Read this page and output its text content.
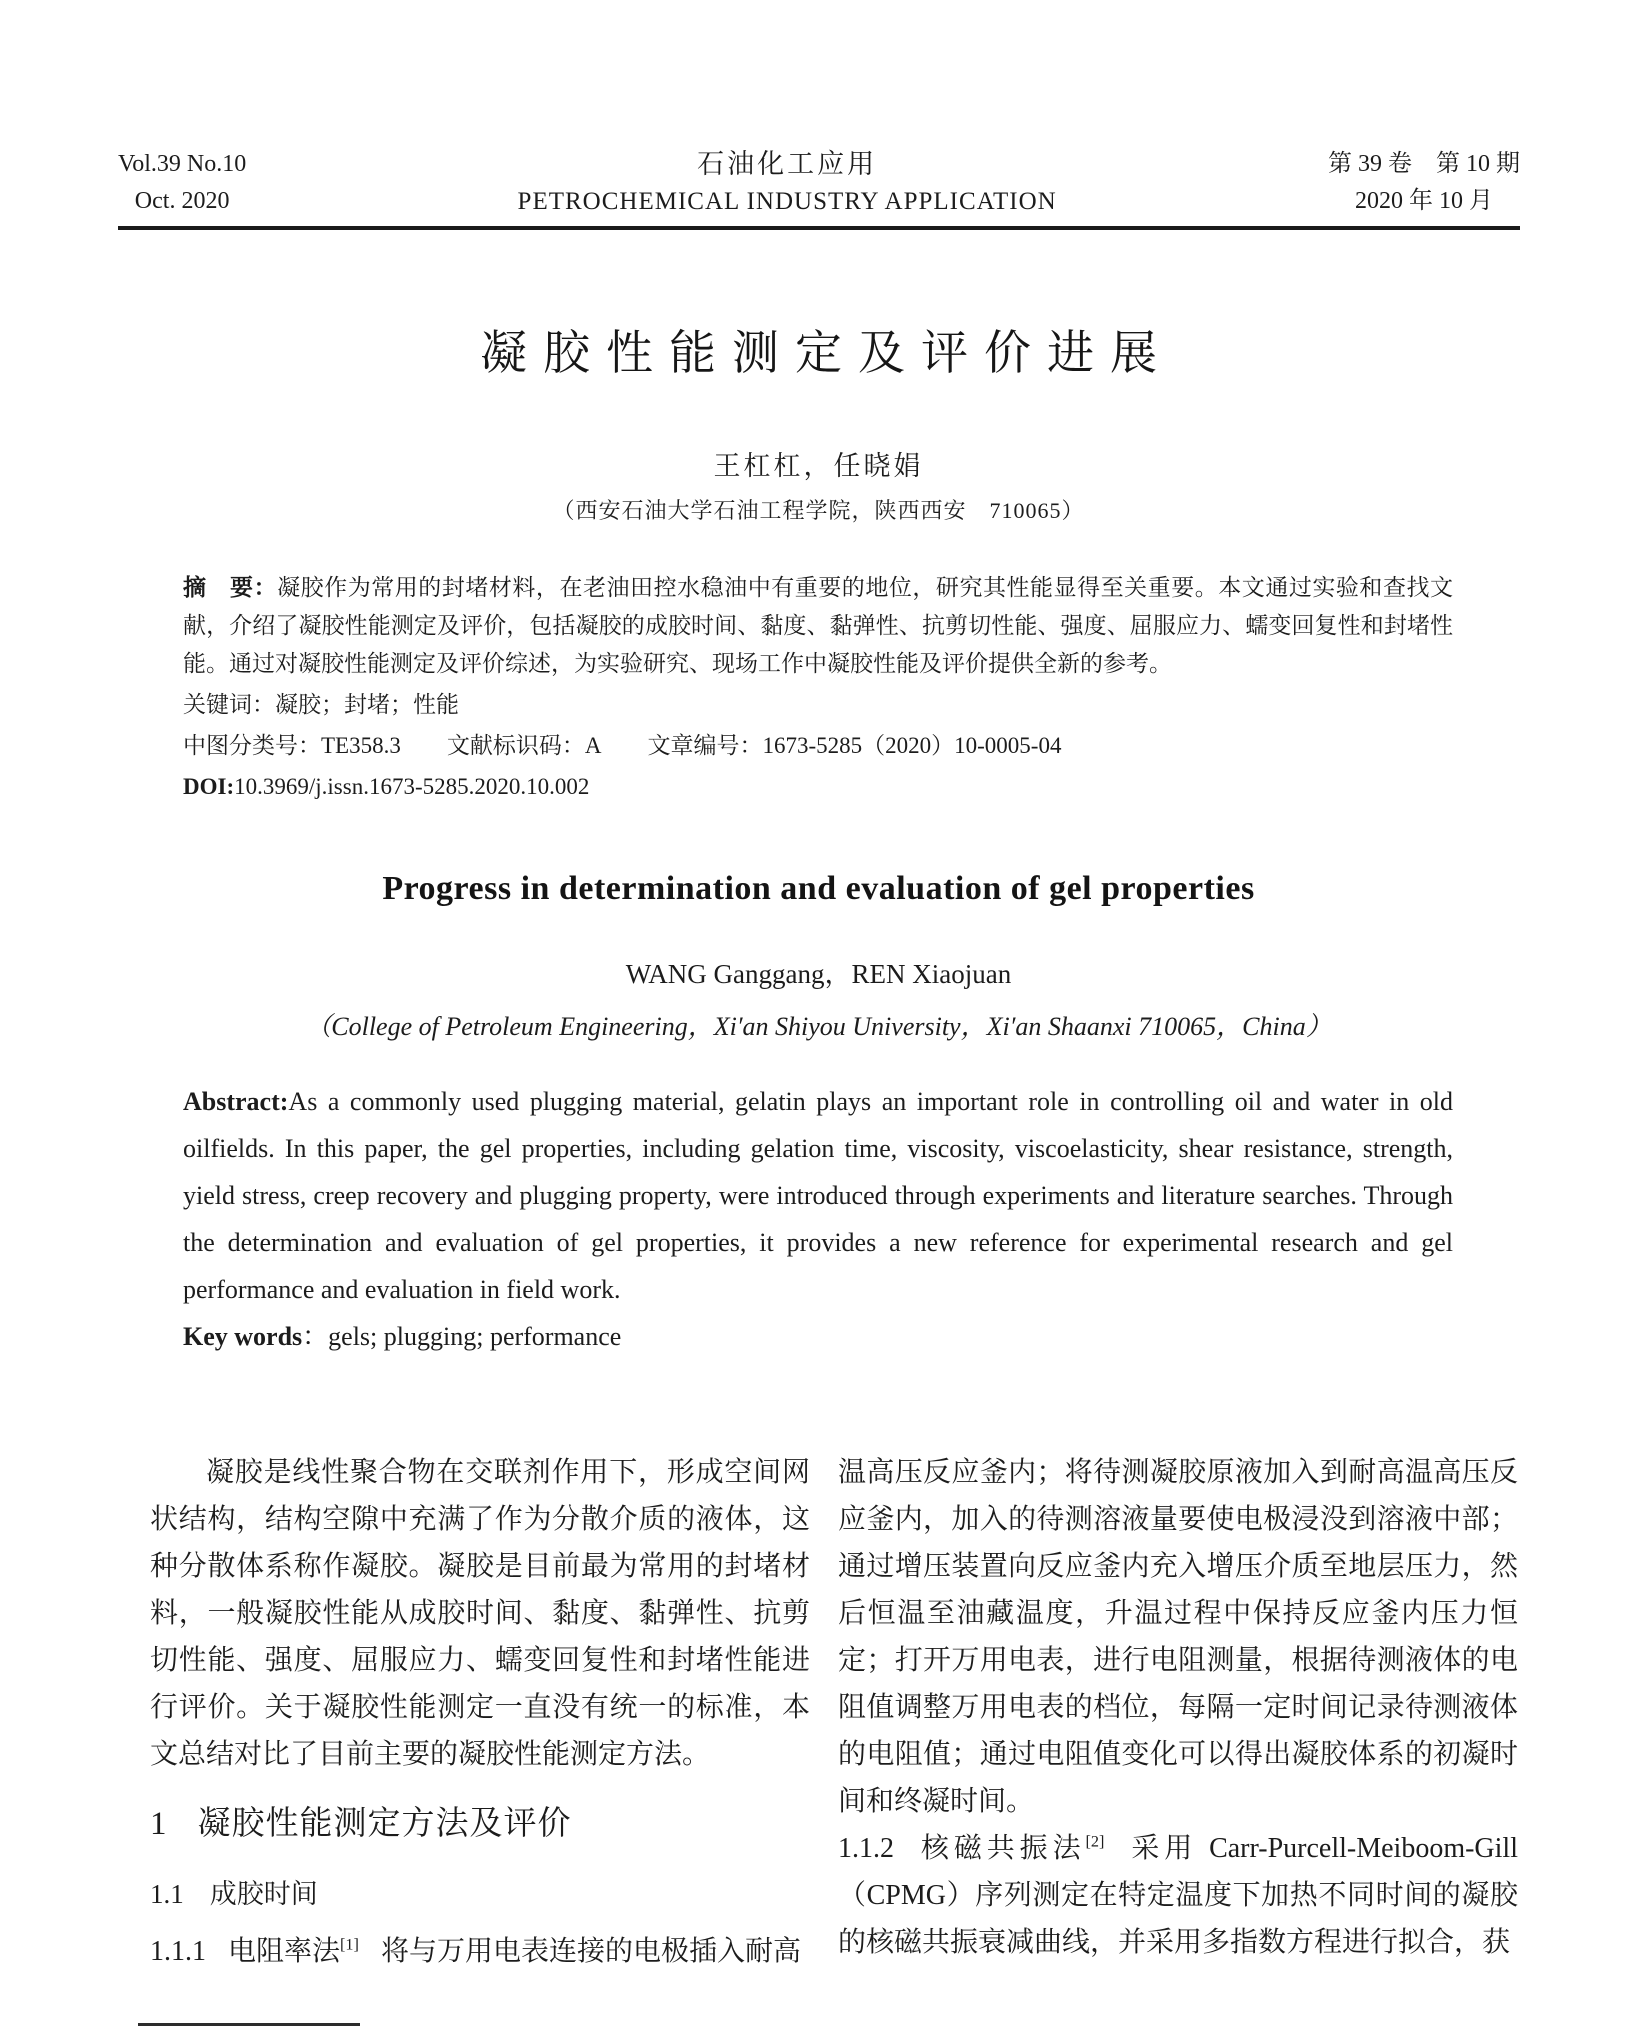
Vol.39 No.10
Oct. 2020
石油化工应用
PETROCHEMICAL INDUSTRY APPLICATION
第 39 卷　第 10 期
2020 年 10 月
凝胶性能测定及评价进展
王杠杠，任晓娟
（西安石油大学石油工程学院，陕西西安　710065）

摘　要：凝胶作为常用的封堵材料，在老油田控水稳油中有重要的地位，研究其性能显得至关重要。本文通过实验和查找文献，介绍了凝胶性能测定及评价，包括凝胶的成胶时间、黏度、黏弹性、抗剪切性能、强度、屈服应力、蠕变回复性和封堵性能。通过对凝胶性能测定及评价综述，为实验研究、现场工作中凝胶性能及评价提供全新的参考。

关键词：凝胶；封堵；性能

中图分类号：TE358.3 文献标识码：A 文章编号：1673-5285（2020）10-0005-04

DOI:10.3969/j.issn.1673-5285.2020.10.002

Progress in determination and evaluation of gel properties
WANG Ganggang，REN Xiaojuan
（College of Petroleum Engineering，Xi′an Shiyou University，Xi′an Shaanxi 710065，China）

Abstract:As a commonly used plugging material, gelatin plays an important role in controlling oil and water in old oilfields. In this paper, the gel properties, including gelation time, viscosity, viscoelasticity, shear resistance, strength, yield stress, creep recovery and plugging property, were introduced through experiments and literature searches. Through the determination and evaluation of gel properties, it provides a new reference for experimental research and gel performance and evaluation in field work.

Key words：gels; plugging; performance

凝胶是线性聚合物在交联剂作用下，形成空间网状结构，结构空隙中充满了作为分散介质的液体，这种分散体系称作凝胶。凝胶是目前最为常用的封堵材料，一般凝胶性能从成胶时间、黏度、黏弹性、抗剪切性能、强度、屈服应力、蠕变回复性和封堵性能进行评价。关于凝胶性能测定一直没有统一的标准，本文总结对比了目前主要的凝胶性能测定方法。

1 凝胶性能测定方法及评价
1.1 成胶时间

1.1.1 电阻率法[1] 将与万用电表连接的电极插入耐高

温高压反应釜内；将待测凝胶原液加入到耐高温高压反应釜内，加入的待测溶液量要使电极浸没到溶液中部；通过增压装置向反应釜内充入增压介质至地层压力，然后恒温至油藏温度，升温过程中保持反应釜内压力恒定；打开万用电表，进行电阻测量，根据待测液体的电阻值调整万用电表的档位，每隔一定时间记录待测液体的电阻值；通过电阻值变化可以得出凝胶体系的初凝时间和终凝时间。

1.1.2 核磁共振法[2] 采用 Carr-Purcell-Meiboom-Gill（CPMG）序列测定在特定温度下加热不同时间的凝胶的核磁共振衰减曲线，并采用多指数方程进行拟合，获
